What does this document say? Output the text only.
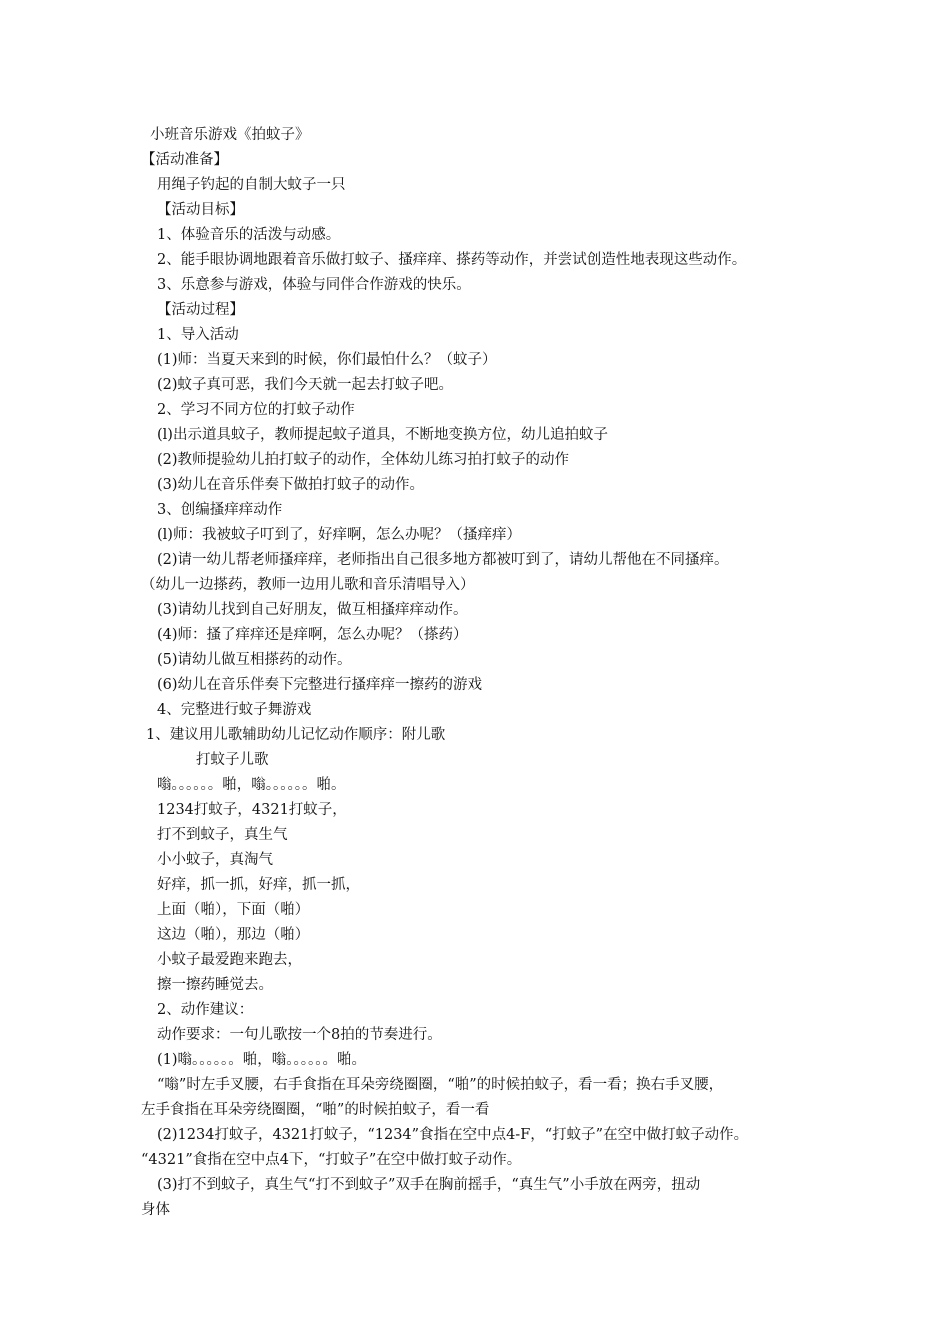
小班音乐游戏《拍蚊子》
【活动准备】
用绳子钓起的自制大蚊子一只
【活动目标】
1、体验音乐的活泼与动感。
2、能手眼协调地跟着音乐做打蚊子、搔痒痒、搽药等动作，并尝试创造性地表现这些动作。
3、乐意参与游戏，体验与同伴合作游戏的快乐。
【活动过程】
1、导入活动
(1)师：当夏天来到的时候，你们最怕什么？（蚊子）
(2)蚊子真可恶，我们今天就一起去打蚊子吧。
2、学习不同方位的打蚊子动作
(l)出示道具蚊子，教师提起蚊子道具，不断地变换方位，幼儿追拍蚊子
(2)教师提验幼儿拍打蚊子的动作，全体幼儿练习拍打蚊子的动作
(3)幼儿在音乐伴奏下做拍打蚊子的动作。
3、创编搔痒痒动作
(l)师：我被蚊子叮到了，好痒啊，怎么办呢？（搔痒痒）
(2)请一幼儿帮老师搔痒痒，老师指出自己很多地方都被叮到了，请幼儿帮他在不同搔痒。
（幼儿一边搽药，教师一边用儿歌和音乐清唱导入）
(3)请幼儿找到自己好朋友，做互相搔痒痒动作。
(4)师：搔了痒痒还是痒啊，怎么办呢？（搽药）
(5)请幼儿做互相搽药的动作。
(6)幼儿在音乐伴奏下完整进行搔痒痒一擦药的游戏
4、完整进行蚊子舞游戏
1、建议用儿歌辅助幼儿记忆动作顺序：附儿歌
打蚊子儿歌
嗡。。。。。。啪，嗡。。。。。。啪。
1234打蚊子，4321打蚊子，
打不到蚊子，真生气
小小蚊子，真淘气
好痒，抓一抓，好痒，抓一抓，
上面（啪），下面（啪）
这边（啪），那边（啪）
小蚊子最爱跑来跑去，
擦一擦药睡觉去。
2、动作建议：
动作要求：一句儿歌按一个8拍的节奏进行。
(1)嗡。。。。。。啪，嗡。。。。。。啪。
“嗡”时左手叉腰，右手食指在耳朵旁绕圈圈，“啪”的时候拍蚊子，看一看；换右手叉腰，
左手食指在耳朵旁绕圈圈，“啪”的时候拍蚊子，看一看
(2)1234打蚊子，4321打蚊子，“1234”食指在空中点4-F，“打蚊子”在空中做打蚊子动作。
“4321”食指在空中点4下，“打蚊子”在空中做打蚊子动作。
(3)打不到蚊子，真生气“打不到蚊子”双手在胸前摇手，“真生气”小手放在两旁，扭动
身体
